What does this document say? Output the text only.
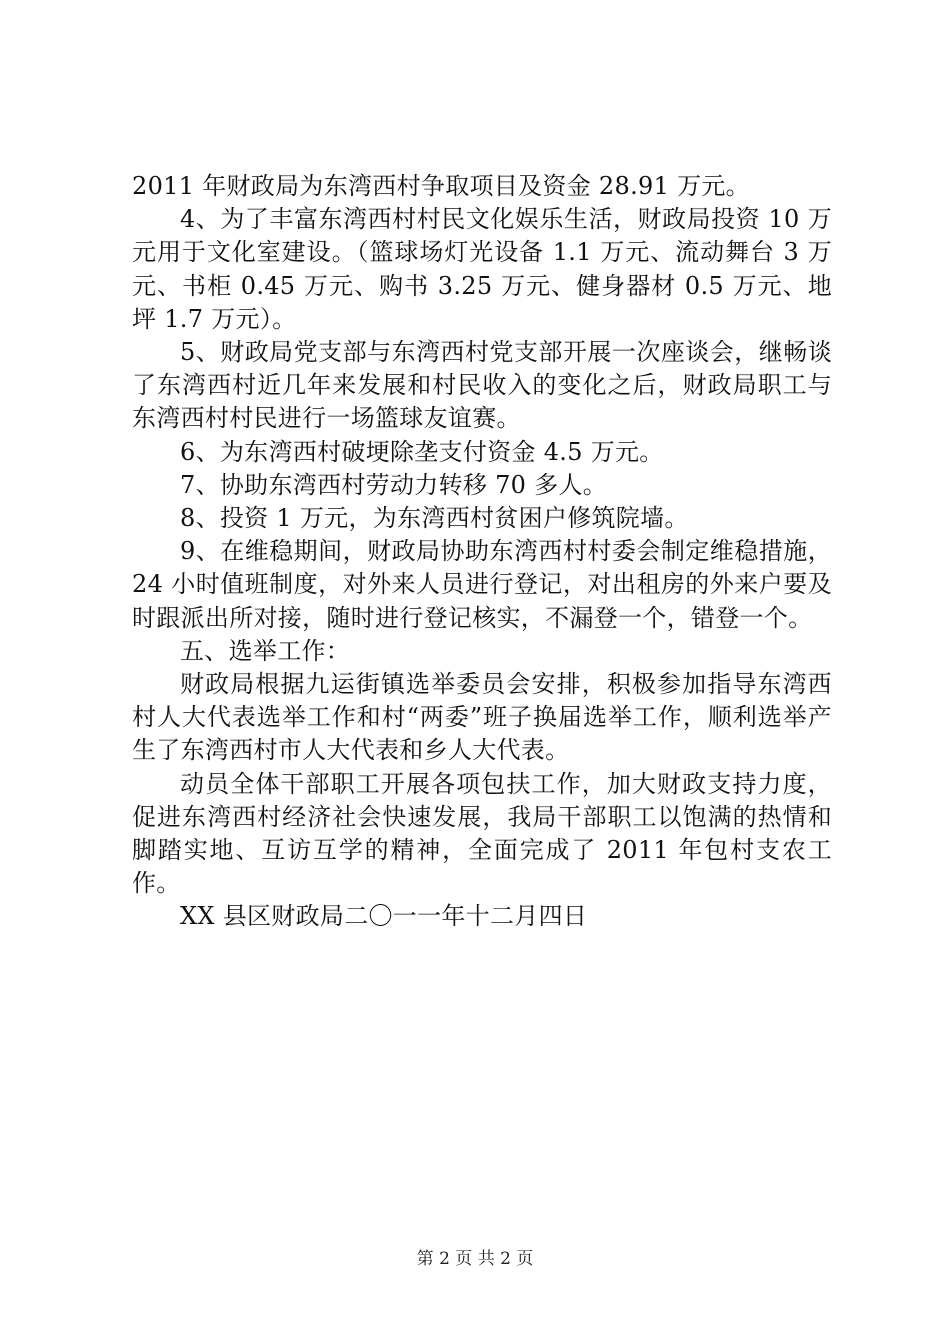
2011 年财政局为东湾西村争取项目及资金 28.91 万元。

4、为了丰富东湾西村村民文化娱乐生活，财政局投资 10 万元用于文化室建设。（篮球场灯光设备 1.1 万元、流动舞台 3 万元、书柜 0.45 万元、购书 3.25 万元、健身器材 0.5 万元、地坪 1.7 万元）。

5、财政局党支部与东湾西村党支部开展一次座谈会，继畅谈了东湾西村近几年来发展和村民收入的变化之后，财政局职工与东湾西村村民进行一场篮球友谊赛。

6、为东湾西村破埂除垄支付资金 4.5 万元。

7、协助东湾西村劳动力转移 70 多人。

8、投资 1 万元，为东湾西村贫困户修筑院墙。

9、在维稳期间，财政局协助东湾西村村委会制定维稳措施，24 小时值班制度，对外来人员进行登记，对出租房的外来户要及时跟派出所对接，随时进行登记核实，不漏登一个，错登一个。

五、选举工作：

财政局根据九运街镇选举委员会安排，积极参加指导东湾西村人大代表选举工作和村“两委”班子换届选举工作，顺利选举产生了东湾西村市人大代表和乡人大代表。

动员全体干部职工开展各项包扶工作，加大财政支持力度，促进东湾西村经济社会快速发展，我局干部职工以饱满的热情和脚踏实地、互访互学的精神，全面完成了 2011 年包村支农工作。

XX 县区财政局二〇一一年十二月四日

第 2 页 共 2 页
